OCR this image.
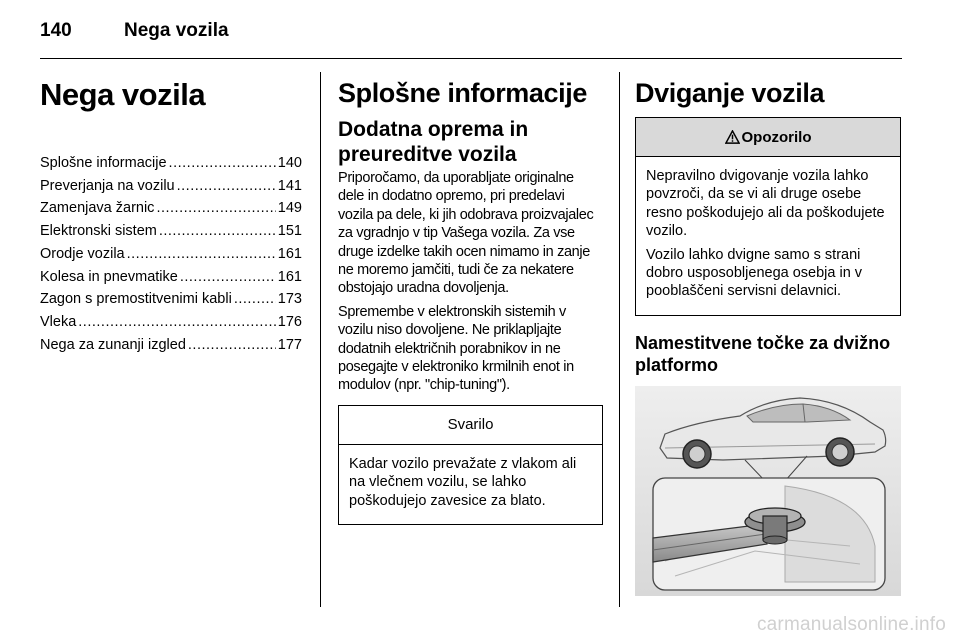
140	Nega vozila
Nega vozila
Splošne informacije .....	140
Preverjanja na vozilu .....	141
Zamenjava žarnic .....	149
Elektronski sistem .....	151
Orodje vozila .....	161
Kolesa in pnevmatike .....	161
Zagon s premostitvenimi kabli .....	173
Vleka .....	176
Nega za zunanji izgled .....	177
Splošne informacije
Dodatna oprema in preureditve vozila

Priporočamo, da uporabljate originalne dele in dodatno opremo, pri predelavi vozila pa dele, ki jih odobrava proizvajalec za vgradnjo v tip Vašega vozila. Za vse druge izdelke takih ocen nimamo in zanje ne moremo jamčiti, tudi če za nekatere obstojajo uradna dovoljenja.

Spremembe v elektronskih sistemih v vozilu niso dovoljene. Ne priklapljajte dodatnih električnih porabnikov in ne posegajte v elektroniko krmilnih enot in modulov (npr. "chip-tuning").

Svarilo

Kadar vozilo prevažate z vlakom ali na vlečnem vozilu, se lahko poškodujejo zavesice za blato.

Dviganje vozila
Opozorilo

Nepravilno dvigovanje vozila lahko povzroči, da se vi ali druge osebe resno poškodujejo ali da poškodujete vozilo.

Vozilo lahko dvigne samo s strani dobro usposobljenega osebja in v pooblaščeni servisni delavnici.

Namestitvene točke za dvižno platformo
carmanualsonline.info
